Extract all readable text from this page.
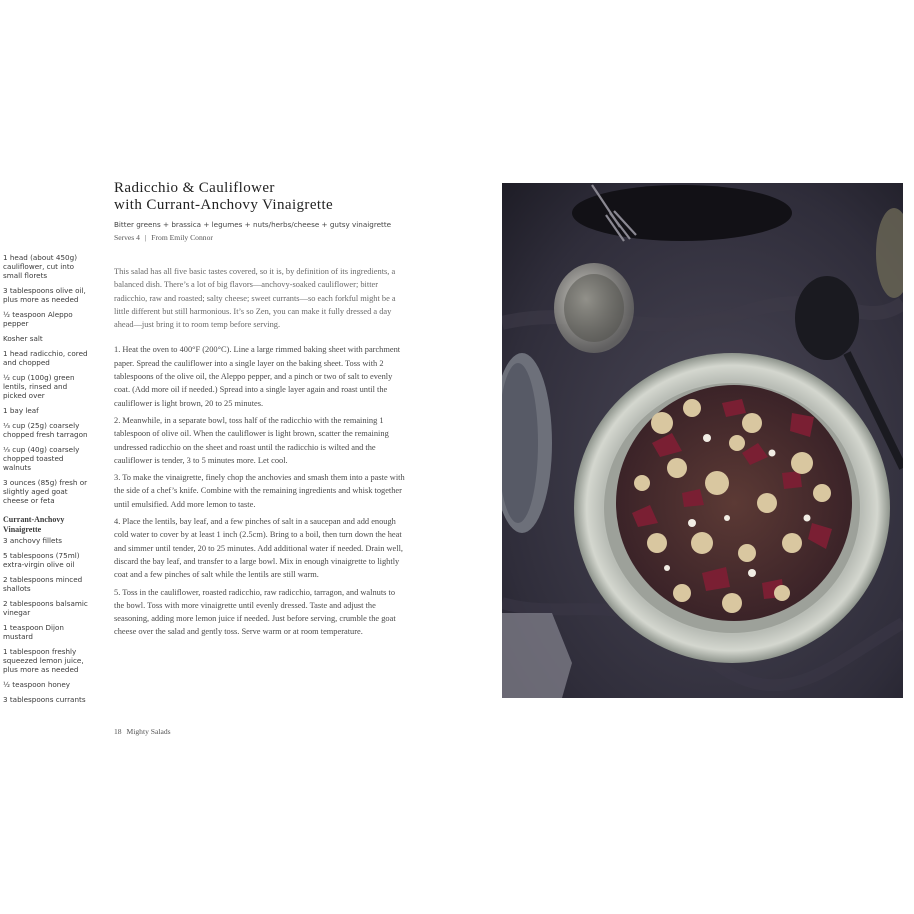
1 head (about 450g) cauliflower, cut into small florets
3 tablespoons olive oil, plus more as needed
½ teaspoon Aleppo pepper
Kosher salt
1 head radicchio, cored and chopped
½ cup (100g) green lentils, rinsed and picked over
1 bay leaf
⅓ cup (25g) coarsely chopped fresh tarragon
⅓ cup (40g) coarsely chopped toasted walnuts
3 ounces (85g) fresh or slightly aged goat cheese or feta
Currant-Anchovy
Vinaigrette
3 anchovy fillets
5 tablespoons (75ml) extra-virgin olive oil
2 tablespoons minced shallots
2 tablespoons balsamic vinegar
1 teaspoon Dijon mustard
1 tablespoon freshly squeezed lemon juice, plus more as needed
½ teaspoon honey
3 tablespoons currants
Radicchio & Cauliflower
with Currant-Anchovy Vinaigrette
Bitter greens + brassica + legumes + nuts/herbs/cheese + gutsy vinaigrette
Serves 4 | From Emily Connor

This salad has all five basic tastes covered, so it is, by definition of its ingredients, a balanced dish. There’s a lot of big flavors—anchovy-soaked cauliflower; bitter radicchio, raw and roasted; salty cheese; sweet currants—so each forkful might be a little different but still harmonious. It’s so Zen, you can make it fully dressed a day ahead—just bring it to room temp before serving.

1. Heat the oven to 400°F (200°C). Line a large rimmed baking sheet with parchment paper. Spread the cauliflower into a single layer on the baking sheet. Toss with 2 tablespoons of the olive oil, the Aleppo pepper, and a pinch or two of salt to evenly coat. (Add more oil if needed.) Spread into a single layer again and roast until the cauliflower is light brown, 20 to 25 minutes.

2. Meanwhile, in a separate bowl, toss half of the radicchio with the remaining 1 tablespoon of olive oil. When the cauliflower is light brown, scatter the remaining undressed radicchio on the sheet and roast until the radicchio is wilted and the cauliflower is tender, 3 to 5 minutes more. Let cool.

3. To make the vinaigrette, finely chop the anchovies and smash them into a paste with the side of a chef’s knife. Combine with the remaining ingredients and whisk together until emulsified. Add more lemon to taste.

4. Place the lentils, bay leaf, and a few pinches of salt in a saucepan and add enough cold water to cover by at least 1 inch (2.5cm). Bring to a boil, then turn down the heat and simmer until tender, 20 to 25 minutes. Add additional water if needed. Drain well, discard the bay leaf, and transfer to a large bowl. Mix in enough vinaigrette to lightly coat and a few pinches of salt while the lentils are still warm.

5. Toss in the cauliflower, roasted radicchio, raw radicchio, tarragon, and walnuts to the bowl. Toss with more vinaigrette until evenly dressed. Taste and adjust the seasoning, adding more lemon juice if needed. Just before serving, crumble the goat cheese over the salad and gently toss. Serve warm or at room temperature.

18 Mighty Salads
